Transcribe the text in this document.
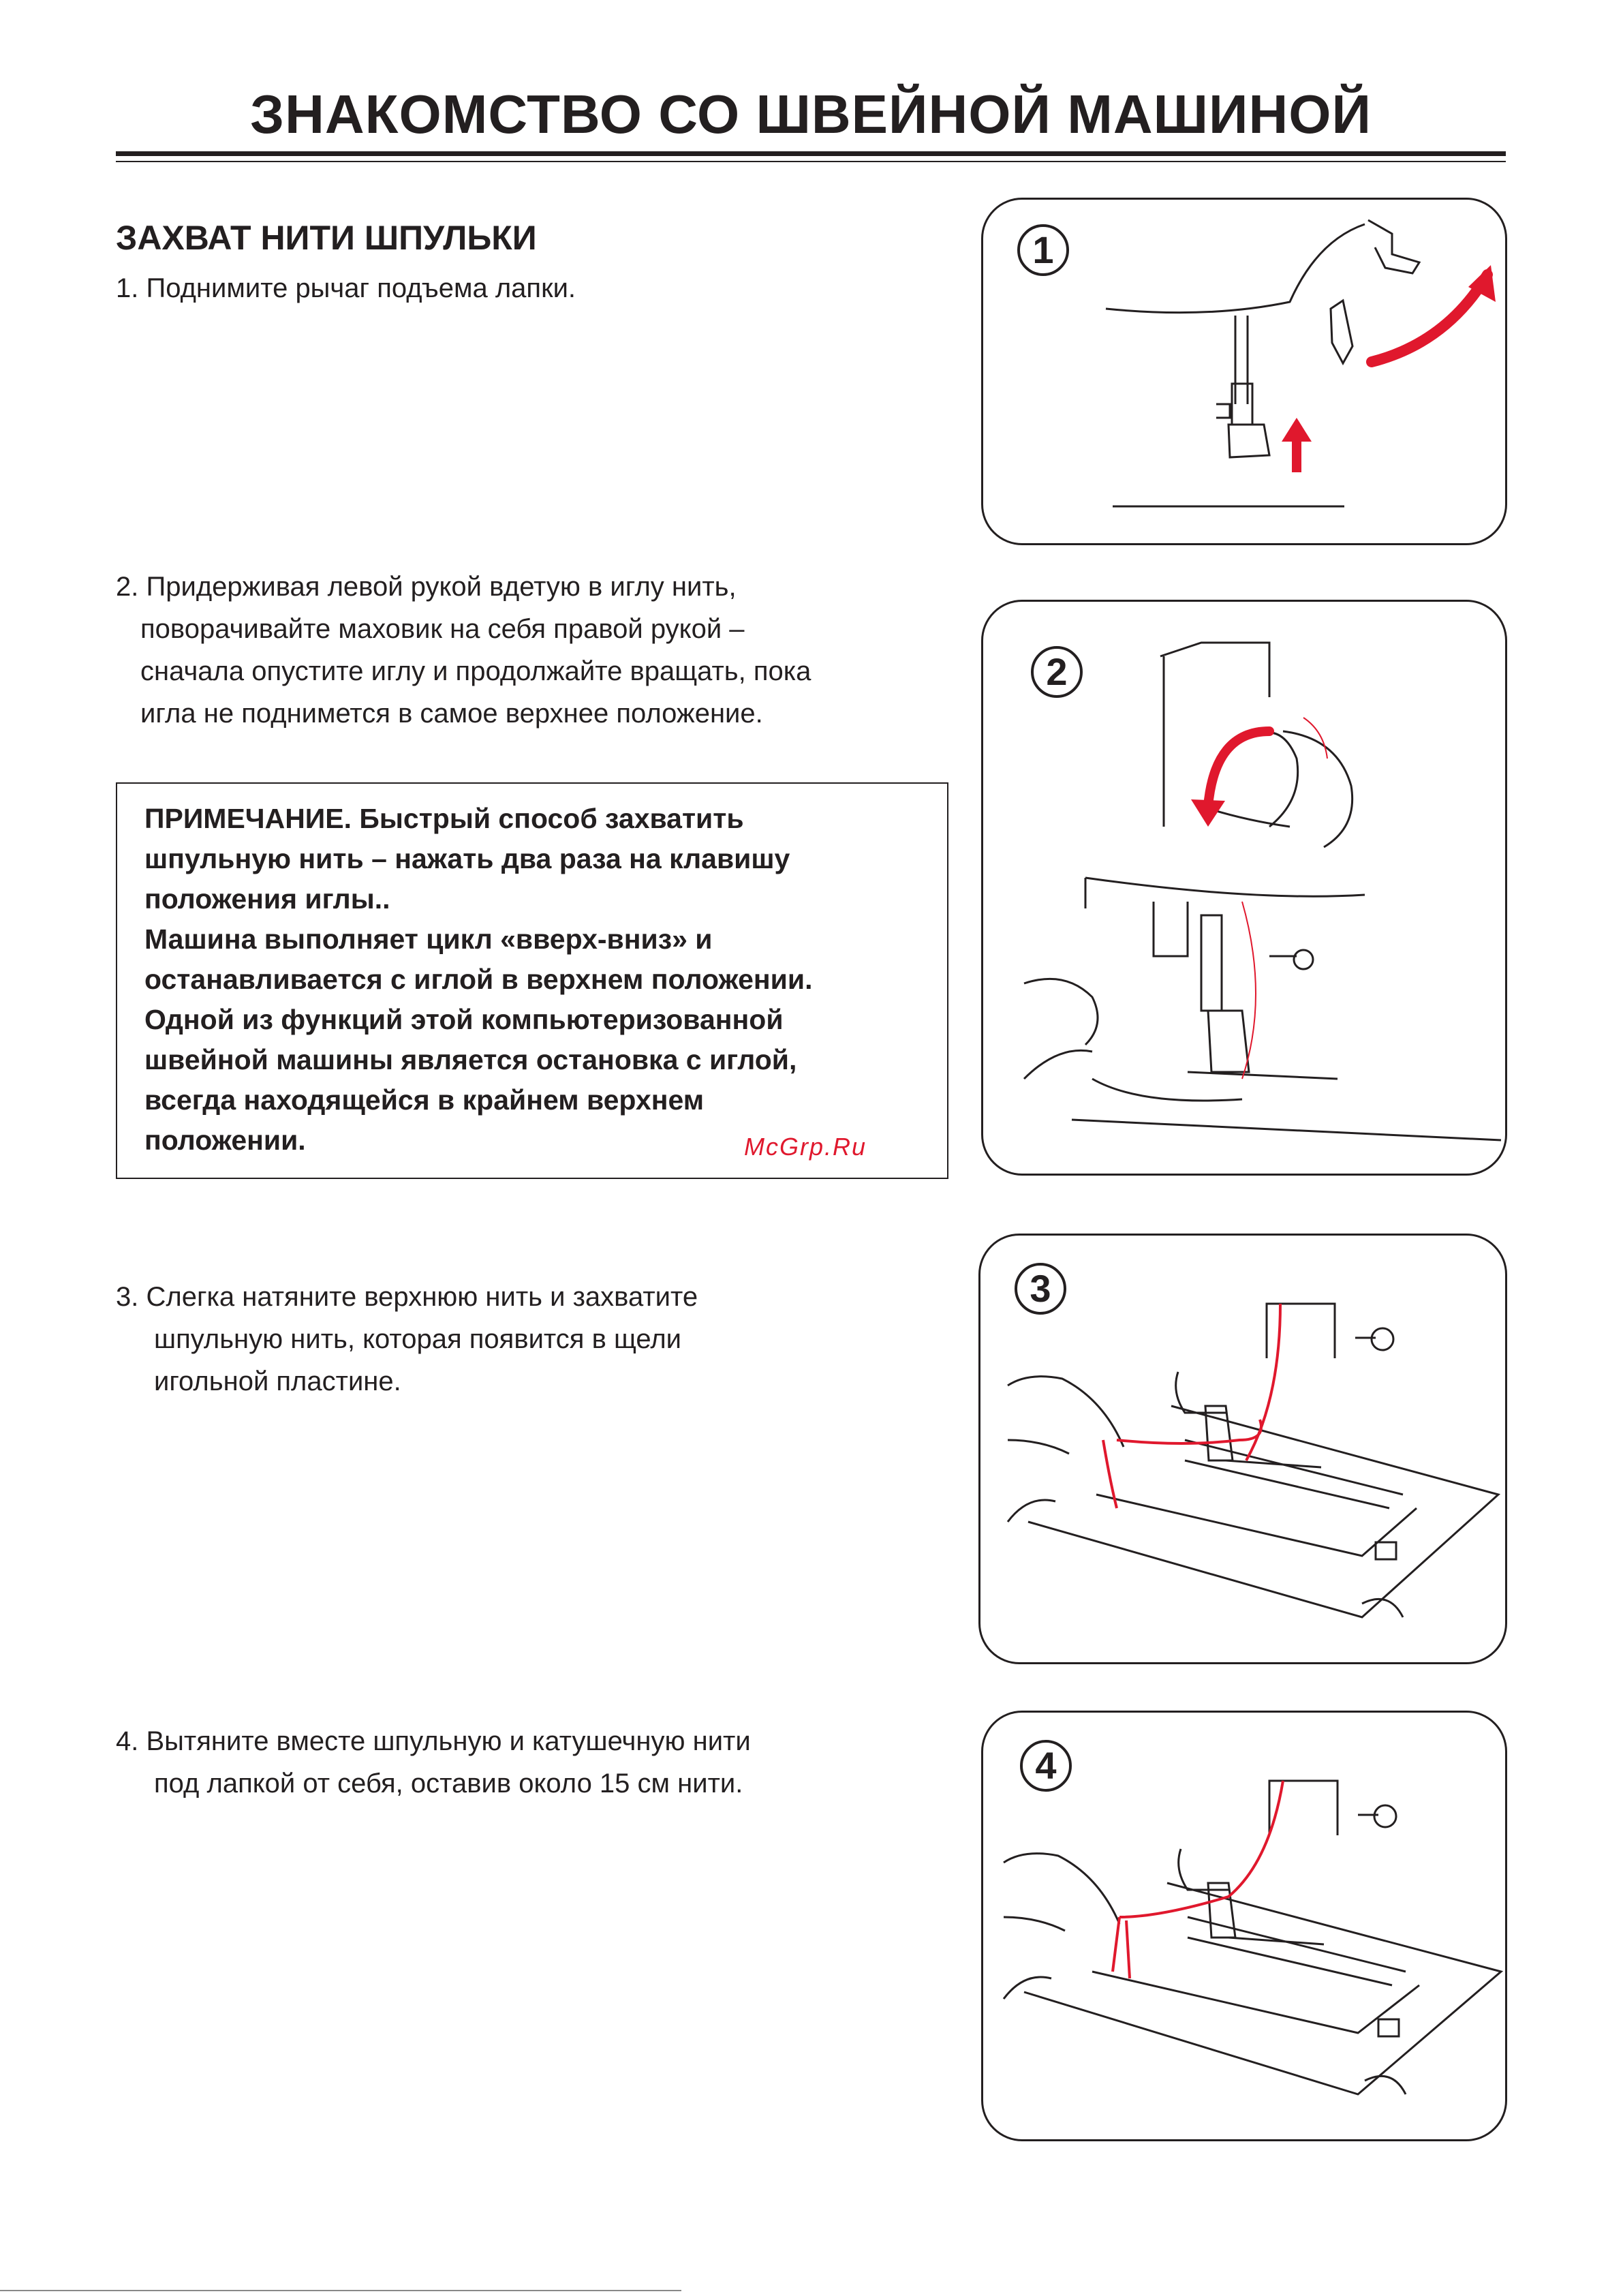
ЗНАКОМСТВО СО ШВЕЙНОЙ МАШИНОЙ
ЗАХВАТ НИТИ ШПУЛЬКИ

1. Поднимите рычаг подъема лапки.

2. Придерживая левой рукой вдетую в иглу нить,
поворачивайте маховик на себя правой рукой –
сначала опустите иглу и продолжайте вращать, пока
игла не поднимется в самое верхнее положение.

ПРИМЕЧАНИЕ. Быстрый способ захватить
шпульную нить – нажать два раза на клавишу
положения иглы..
Машина выполняет цикл «вверх-вниз» и
останавливается с иглой в верхнем положении.
Одной из функций этой компьютеризованной
швейной машины является остановка с иглой,
всегда находящейся в крайнем верхнем
положении.	McGrp.Ru

3. Слегка натяните верхнюю нить и захватите
шпульную нить, которая появится в щели
игольной пластине.

4. Вытяните вместе шпульную и катушечную нити
под лапкой от себя, оставив около 15 см нити.

1
2
3
4
